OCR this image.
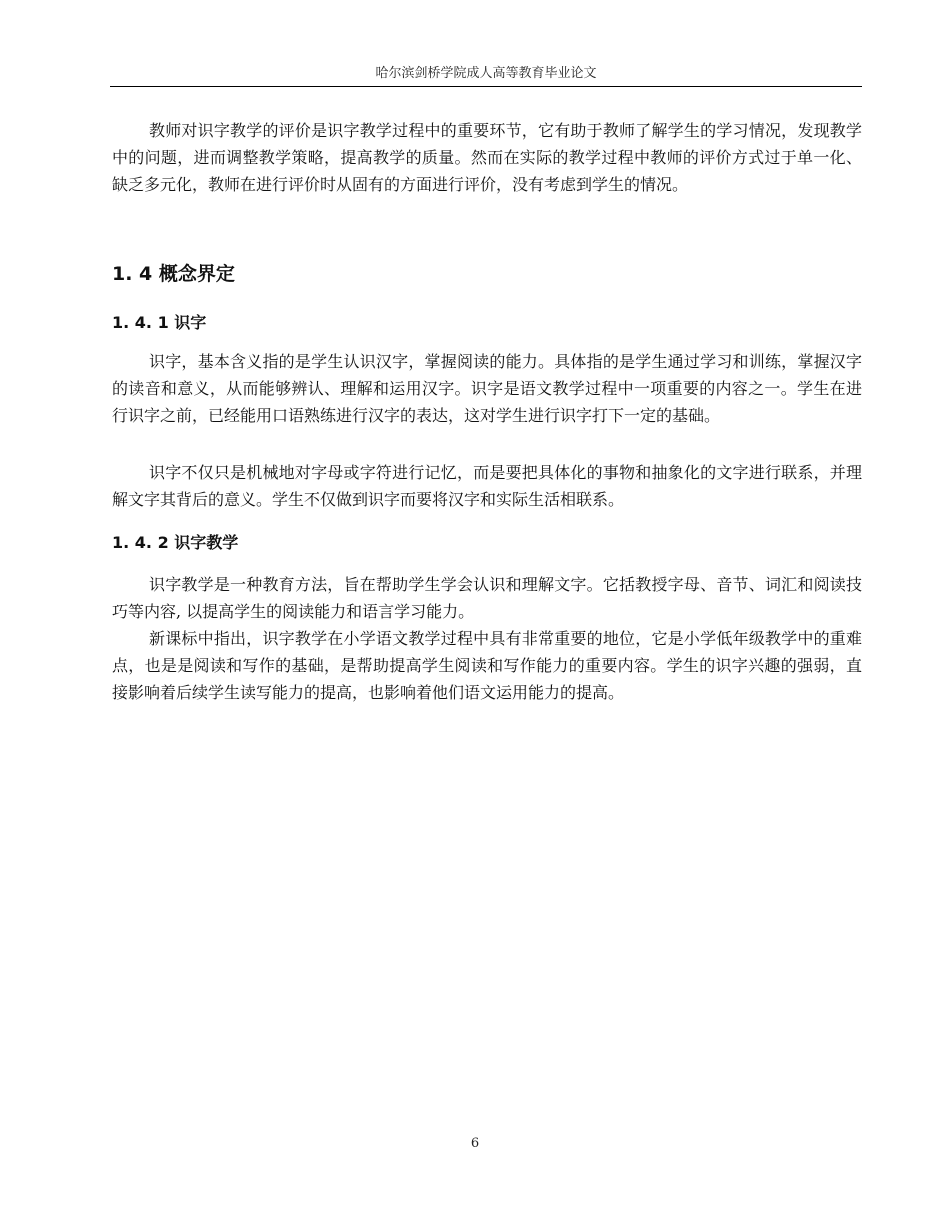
哈尔滨剑桥学院成人高等教育毕业论文

教师对识字教学的评价是识字教学过程中的重要环节，它有助于教师了解学生的学习情况，发现教学中的问题，进而调整教学策略，提高教学的质量。然而在实际的教学过程中教师的评价方式过于单一化、缺乏多元化，教师在进行评价时从固有的方面进行评价，没有考虑到学生的情况。

1. 4 概念界定
1. 4. 1 识字

识字，基本含义指的是学生认识汉字，掌握阅读的能力。具体指的是学生通过学习和训练，掌握汉字的读音和意义，从而能够辨认、理解和运用汉字。识字是语文教学过程中一项重要的内容之一。学生在进行识字之前，已经能用口语熟练进行汉字的表达，这对学生进行识字打下一定的基础。

识字不仅只是机械地对字母或字符进行记忆，而是要把具体化的事物和抽象化的文字进行联系，并理解文字其背后的意义。学生不仅做到识字而要将汉字和实际生活相联系。

1. 4. 2 识字教学

识字教学是一种教育方法，旨在帮助学生学会认识和理解文字。它括教授字母、音节、词汇和阅读技巧等内容, 以提高学生的阅读能力和语言学习能力。

新课标中指出，识字教学在小学语文教学过程中具有非常重要的地位，它是小学低年级教学中的重难点，也是是阅读和写作的基础，是帮助提高学生阅读和写作能力的重要内容。学生的识字兴趣的强弱，直接影响着后续学生读写能力的提高，也影响着他们语文运用能力的提高。

6
